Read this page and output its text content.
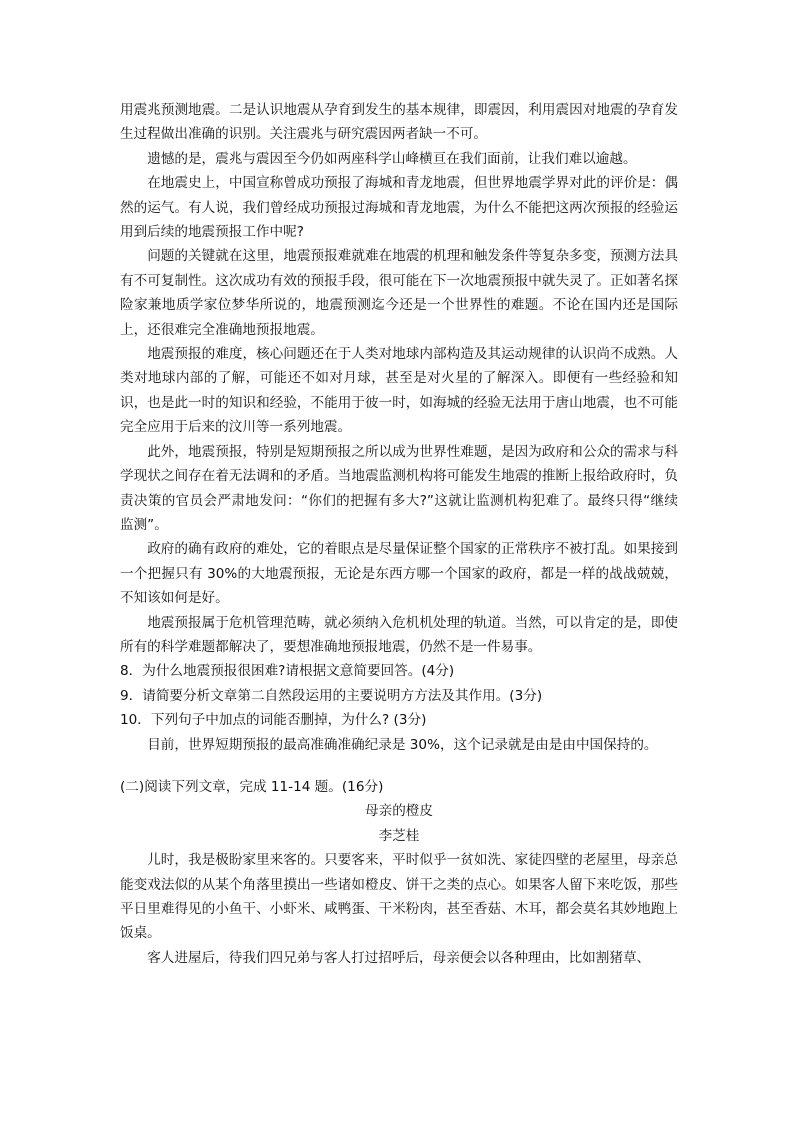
用震兆预测地震。二是认识地震从孕育到发生的基本规律，即震因，利用震因对地震的孕育发生过程做出准确的识别。关注震兆与研究震因两者缺一不可。

遗憾的是，震兆与震因至今仍如两座科学山峰横亘在我们面前，让我们难以逾越。

在地震史上，中国宣称曾成功预报了海城和青龙地震，但世界地震学界对此的评价是：偶然的运气。有人说，我们曾经成功预报过海城和青龙地震，为什么不能把这两次预报的经验运用到后续的地震预报工作中呢?

问题的关键就在这里，地震预报难就难在地震的机理和触发条件等复杂多变，预测方法具有不可复制性。这次成功有效的预报手段，很可能在下一次地震预报中就失灵了。正如著名探险家兼地质学家位梦华所说的，地震预测迄今还是一个世界性的难题。不论在国内还是国际上，还很难完全准确地预报地震。

地震预报的难度，核心问题还在于人类对地球内部构造及其运动规律的认识尚不成熟。人类对地球内部的了解，可能还不如对月球，甚至是对火星的了解深入。即便有一些经验和知识，也是此一时的知识和经验，不能用于彼一时，如海城的经验无法用于唐山地震，也不可能完全应用于后来的汶川等一系列地震。

此外，地震预报，特别是短期预报之所以成为世界性难题，是因为政府和公众的需求与科学现状之间存在着无法调和的矛盾。当地震监测机构将可能发生地震的推断上报给政府时，负责决策的官员会严肃地发问：“你们的把握有多大?”这就让监测机构犯难了。最终只得“继续监测”。

政府的确有政府的难处，它的着眼点是尽量保证整个国家的正常秩序不被打乱。如果接到一个把握只有 30%的大地震预报，无论是东西方哪一个国家的政府，都是一样的战战兢兢，不知该如何是好。

地震预报属于危机管理范畴，就必须纳入危机机处理的轨道。当然，可以肯定的是，即使所有的科学难题都解决了，要想准确地预报地震，仍然不是一件易事。

8．为什么地震预报很困难?请根据文意简要回答。(4分)

9．请简要分析文章第二自然段运用的主要说明方方法及其作用。(3分)

10．下列句子中加点的词能否删掉，为什么? (3分)

目前，世界短期预报的最高准确准确纪录是 30%，这个记录就是由是由中国保持的。

(二)阅读下列文章，完成 11-14 题。(16分)

母亲的橙皮

李芝桂

儿时，我是极盼家里来客的。只要客来，平时似乎一贫如洗、家徒四壁的老屋里，母亲总能变戏法似的从某个角落里摸出一些诸如橙皮、饼干之类的点心。如果客人留下来吃饭，那些平日里难得见的小鱼干、小虾米、咸鸭蛋、干米粉肉，甚至香菇、木耳，都会莫名其妙地跑上饭桌。

客人进屋后，待我们四兄弟与客人打过招呼后，母亲便会以各种理由，比如割猪草、
